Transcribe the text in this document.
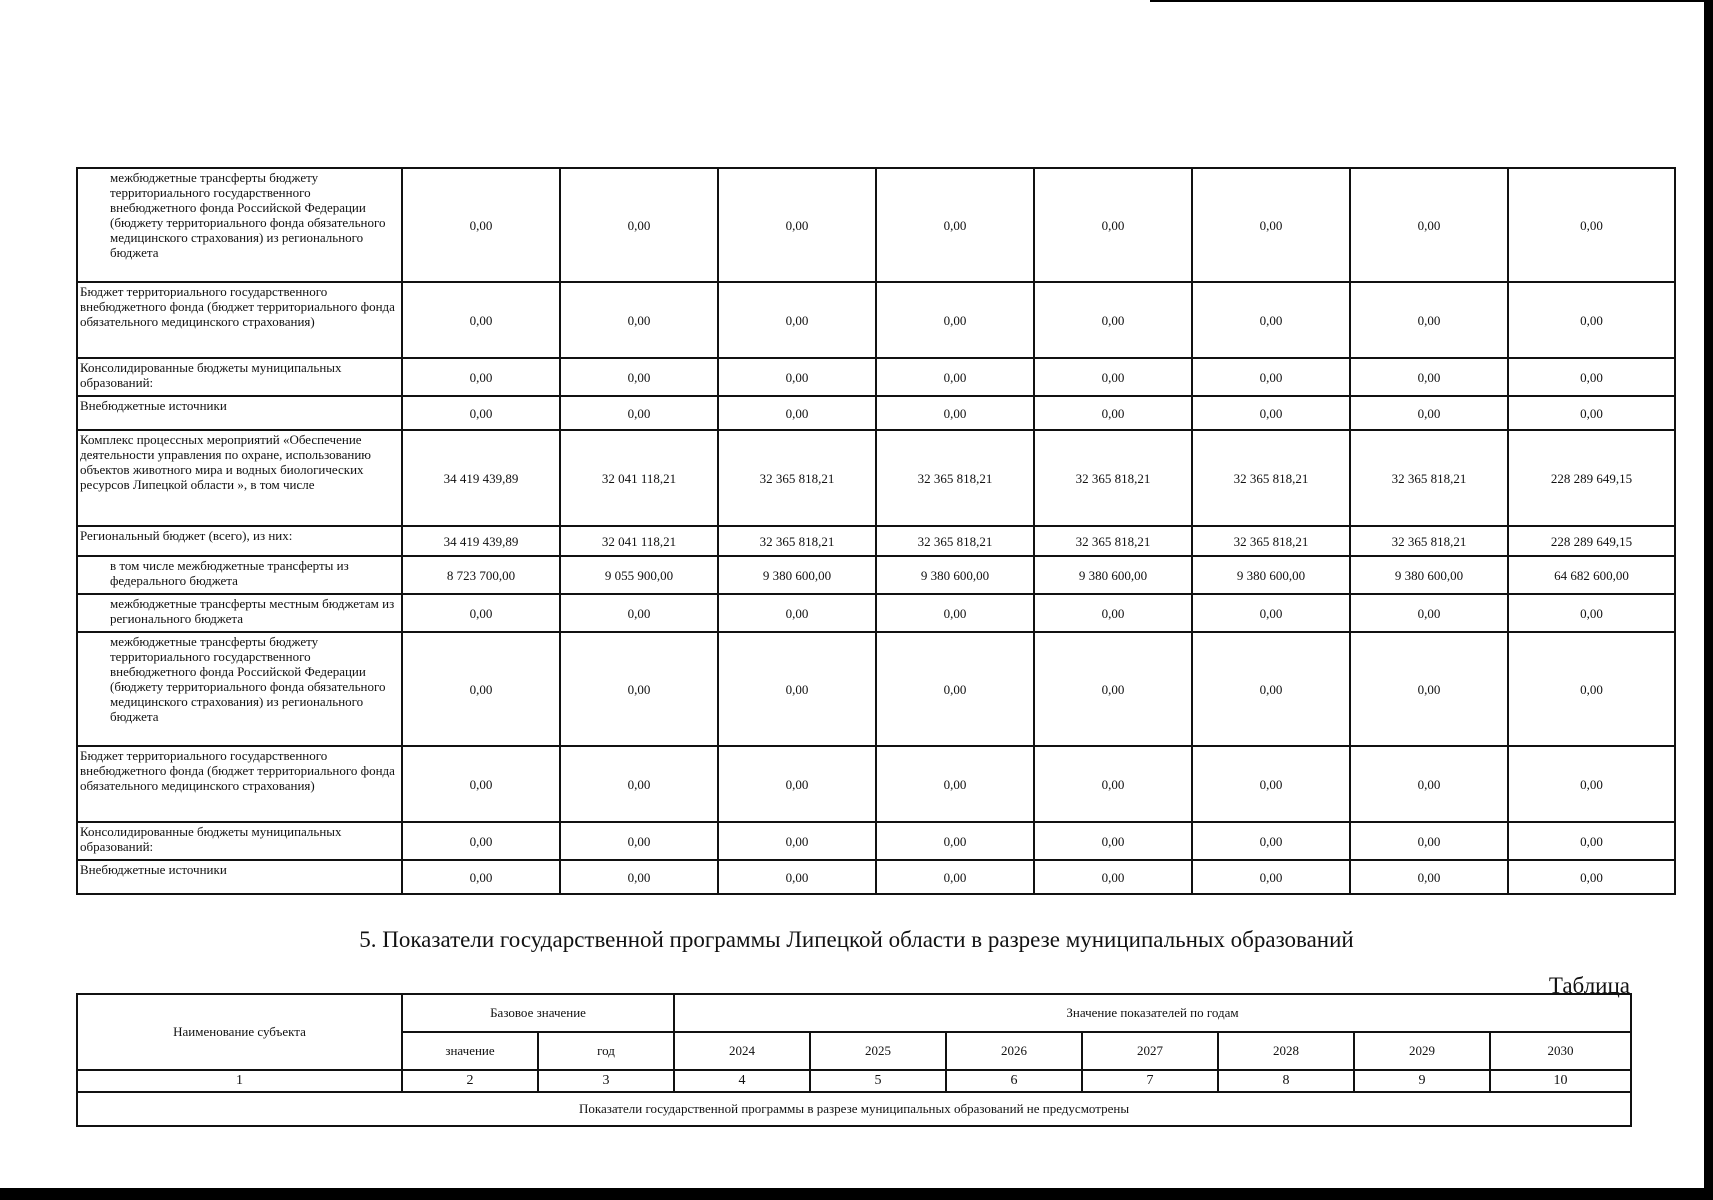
межбюджетные трансферты бюджету территориального государственного внебюджетного фонда Российской Федерации (бюджету территориального фонда обязательного медицинского страхования) из регионального бюджета	0,00	0,00	0,00	0,00	0,00	0,00	0,00	0,00
Бюджет территориального государственного внебюджетного фонда (бюджет территориального фонда обязательного медицинского страхования)	0,00	0,00	0,00	0,00	0,00	0,00	0,00	0,00
Консолидированные бюджеты муниципальных образований:	0,00	0,00	0,00	0,00	0,00	0,00	0,00	0,00
Внебюджетные источники	0,00	0,00	0,00	0,00	0,00	0,00	0,00	0,00
Комплекс процессных мероприятий «Обеспечение деятельности управления по охране, использованию объектов животного мира и водных биологических ресурсов Липецкой области », в том числе	34 419 439,89	32 041 118,21	32 365 818,21	32 365 818,21	32 365 818,21	32 365 818,21	32 365 818,21	228 289 649,15
Региональный бюджет (всего), из них:	34 419 439,89	32 041 118,21	32 365 818,21	32 365 818,21	32 365 818,21	32 365 818,21	32 365 818,21	228 289 649,15
в том числе межбюджетные трансферты из федерального бюджета	8 723 700,00	9 055 900,00	9 380 600,00	9 380 600,00	9 380 600,00	9 380 600,00	9 380 600,00	64 682 600,00
межбюджетные трансферты местным бюджетам из регионального бюджета	0,00	0,00	0,00	0,00	0,00	0,00	0,00	0,00
межбюджетные трансферты бюджету территориального государственного внебюджетного фонда Российской Федерации (бюджету территориального фонда обязательного медицинского страхования) из регионального бюджета	0,00	0,00	0,00	0,00	0,00	0,00	0,00	0,00
Бюджет территориального государственного внебюджетного фонда (бюджет территориального фонда обязательного медицинского страхования)	0,00	0,00	0,00	0,00	0,00	0,00	0,00	0,00
Консолидированные бюджеты муниципальных образований:	0,00	0,00	0,00	0,00	0,00	0,00	0,00	0,00
Внебюджетные источники	0,00	0,00	0,00	0,00	0,00	0,00	0,00	0,00
5. Показатели государственной программы Липецкой области в разрезе муниципальных образований
Таблица
Наименование субъекта	Базовое значение		Значение показателей по годам						
	значение	год	2024	2025	2026	2027	2028	2029	2030
1	2	3	4	5	6	7	8	9	10
Показатели государственной программы в разрезе муниципальных образований не предусмотрены									
